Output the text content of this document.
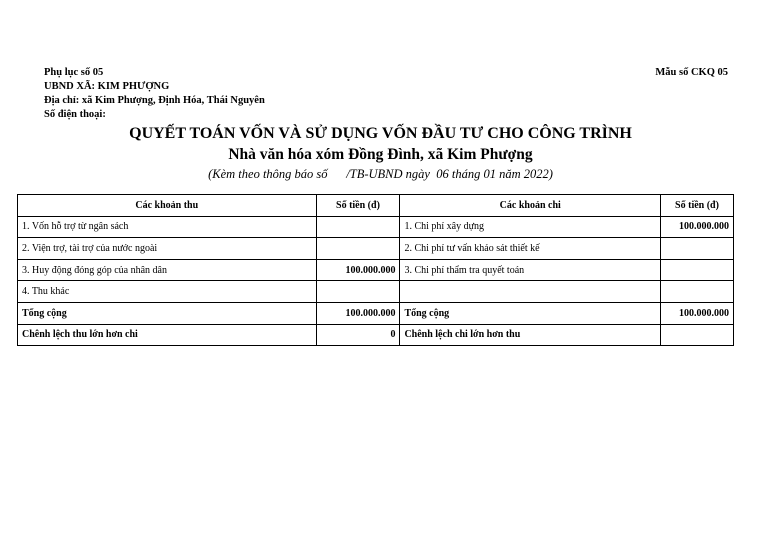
Phụ lục số 05
UBND XÃ: KIM PHƯỢNG
Địa chỉ: xã Kim Phượng, Định Hóa, Thái Nguyên
Số điện thoại:
Mẫu số CKQ 05
QUYẾT TOÁN VỐN VÀ SỬ DỤNG VỐN ĐẦU TƯ CHO CÔNG TRÌNH
Nhà văn hóa xóm Đồng Đình, xã Kim Phượng
(Kèm theo thông báo số      /TB-UBND ngày  06 tháng 01 năm 2022)
Các khoản thu	Số tiền (đ)	Các khoản chi	Số tiền (đ)
1. Vốn hỗ trợ từ ngân sách		1. Chi phí xây dựng	100.000.000
2. Viện trợ, tài trợ của nước ngoài		2. Chi phí tư vấn khảo sát thiết kế	
3. Huy động đóng góp của nhân dân	100.000.000	3. Chi phí thẩm tra quyết toán	
4. Thu khác			
Tổng cộng	100.000.000	Tổng cộng	100.000.000
Chênh lệch thu lớn hơn chi	0	Chênh lệch chi lớn hơn thu	
